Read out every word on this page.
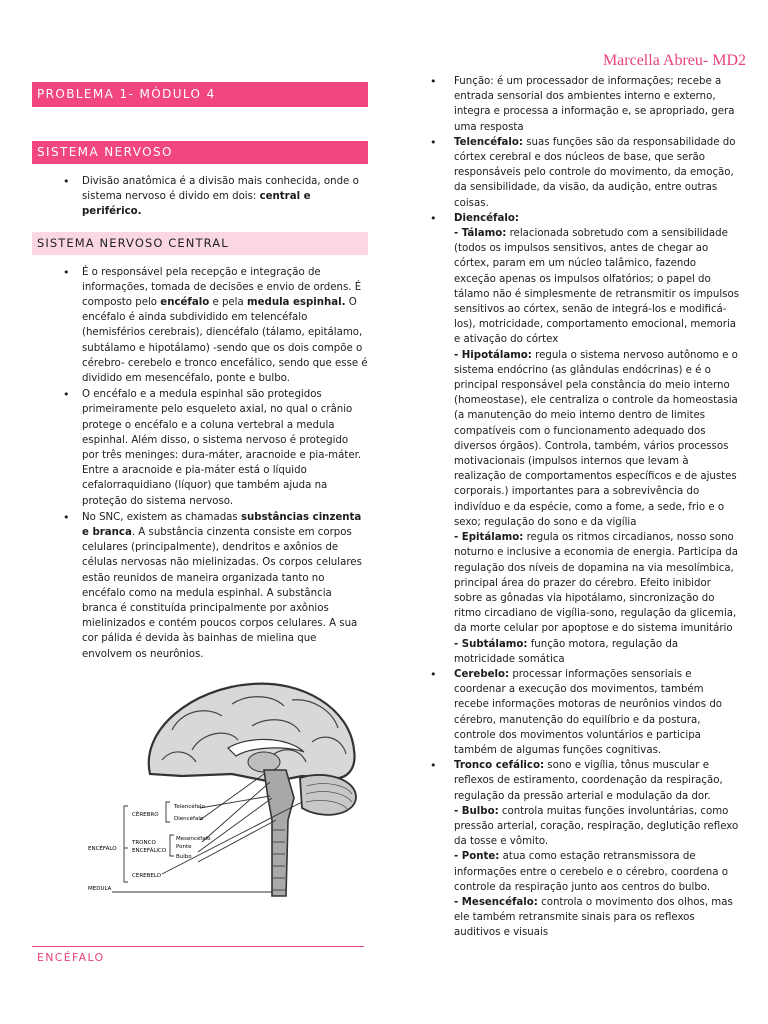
Marcella Abreu- MD2
PROBLEMA 1- MÓDULO 4
SISTEMA NERVOSO
• Divisão anatômica é a divisão mais conhecida, onde o sistema nervoso é divido em dois: central e periférico.
SISTEMA NERVOSO CENTRAL
• É o responsável pela recepção e integração de informações, tomada de decisões e envio de ordens. É composto pelo encéfalo e pela medula espinhal. O encéfalo é ainda subdividido em telencéfalo (hemisférios cerebrais), diencéfalo (tálamo, epitálamo, subtálamo e hipotálamo) -sendo que os dois compõe o cérebro- cerebelo e tronco encefálico, sendo que esse é dividido em mesencéfalo, ponte e bulbo.
• O encéfalo e a medula espinhal são protegidos primeiramente pelo esqueleto axial, no qual o crânio protege o encéfalo e a coluna vertebral a medula espinhal. Além disso, o sistema nervoso é protegido por três meninges: dura-máter, aracnoide e pia-máter. Entre a aracnoide e pia-máter está o líquido cefalorraquidiano (líquor) que também ajuda na proteção do sistema nervoso.
• No SNC, existem as chamadas substâncias cinzenta e branca. A substância cinzenta consiste em corpos celulares (principalmente), dendritos e axônios de células nervosas não mielinizadas. Os corpos celulares estão reunidos de maneira organizada tanto no encéfalo como na medula espinhal. A substância branca é constituída principalmente por axônios mielinizados e contém poucos corpos celulares. A sua cor pálida é devida às bainhas de mielina que envolvem os neurônios.
CÉREBRO
Telencéfalo
Diencéfalo
ENCÉFALO
TRONCO
ENCEFÁLICO
Mesencéfalo
Ponte
Bulbo
CEREBELO
MEDULA
ENCÉFALO
• Função: é um processador de informações; recebe a entrada sensorial dos ambientes interno e externo, integra e processa a informação e, se apropriado, gera uma resposta
• Telencéfalo: suas funções são da responsabilidade do córtex cerebral e dos núcleos de base, que serão responsáveis pelo controle do movimento, da emoção, da sensibilidade, da visão, da audição, entre outras coisas.
• Diencéfalo:
- Tálamo: relacionada sobretudo com a sensibilidade (todos os impulsos sensitivos, antes de chegar ao córtex, param em um núcleo talâmico, fazendo exceção apenas os impulsos olfatórios; o papel do tálamo não é simplesmente de retransmitir os impulsos sensitivos ao córtex, senão de integrá-los e modificá-los), motricidade, comportamento emocional, memoria e ativação do córtex
- Hipotálamo: regula o sistema nervoso autônomo e o sistema endócrino (as glândulas endócrinas) e é o principal responsável pela constância do meio interno (homeostase), ele centraliza o controle da homeostasia (a manutenção do meio interno dentro de limites compatíveis com o funcionamento adequado dos diversos órgãos). Controla, também, vários processos motivacionais (impulsos internos que levam à realização de comportamentos específicos e de ajustes corporais.) importantes para a sobrevivência do indivíduo e da espécie, como a fome, a sede, frio e o sexo; regulação do sono e da vigília
- Epitálamo: regula os ritmos circadianos, nosso sono noturno e inclusive a economia de energia. Participa da regulação dos níveis de dopamina na via mesolímbica, principal área do prazer do cérebro. Efeito inibidor sobre as gônadas via hipotálamo, sincronização do ritmo circadiano de vigília-sono, regulação da glicemia, da morte celular por apoptose e do sistema imunitário
- Subtálamo: função motora, regulação da motricidade somática
• Cerebelo: processar informações sensoriais e coordenar a execução dos movimentos, também recebe informações motoras de neurônios vindos do cérebro, manutenção do equilíbrio e da postura, controle dos movimentos voluntários e participa também de algumas funções cognitivas.
• Tronco cefálico: sono e vigília, tônus muscular e reflexos de estiramento, coordenação da respiração, regulação da pressão arterial e modulação da dor.
- Bulbo: controla muitas funções involuntárias, como pressão arterial, coração, respiração, deglutição reflexo da tosse e vômito.
- Ponte: atua como estação retransmissora de informações entre o cerebelo e o cérebro, coordena o controle da respiração junto aos centros do bulbo.
- Mesencéfalo: controla o movimento dos olhos, mas ele também retransmite sinais para os reflexos auditivos e visuais
